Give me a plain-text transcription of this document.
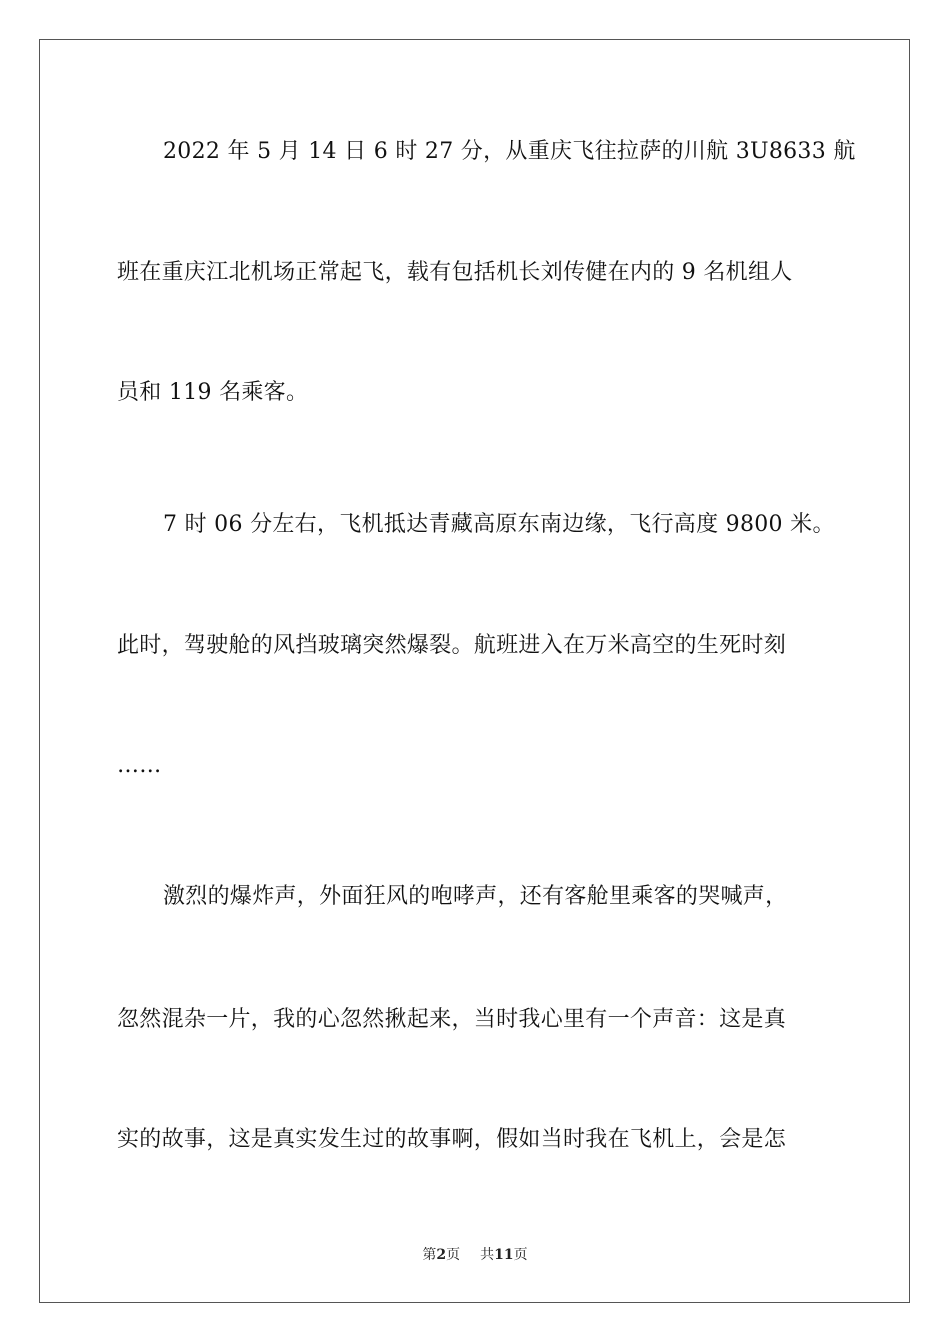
2022 年 5 月 14 日 6 时 27 分，从重庆飞往拉萨的川航 3U8633 航
班在重庆江北机场正常起飞，载有包括机长刘传健在内的 9 名机组人
员和 119 名乘客。
7 时 06 分左右，飞机抵达青藏高原东南边缘，飞行高度 9800 米。
此时，驾驶舱的风挡玻璃突然爆裂。航班进入在万米高空的生死时刻
……
激烈的爆炸声，外面狂风的咆哮声，还有客舱里乘客的哭喊声，
忽然混杂一片，我的心忽然揪起来，当时我心里有一个声音：这是真
实的故事，这是真实发生过的故事啊，假如当时我在飞机上，会是怎
第2页 共11页
